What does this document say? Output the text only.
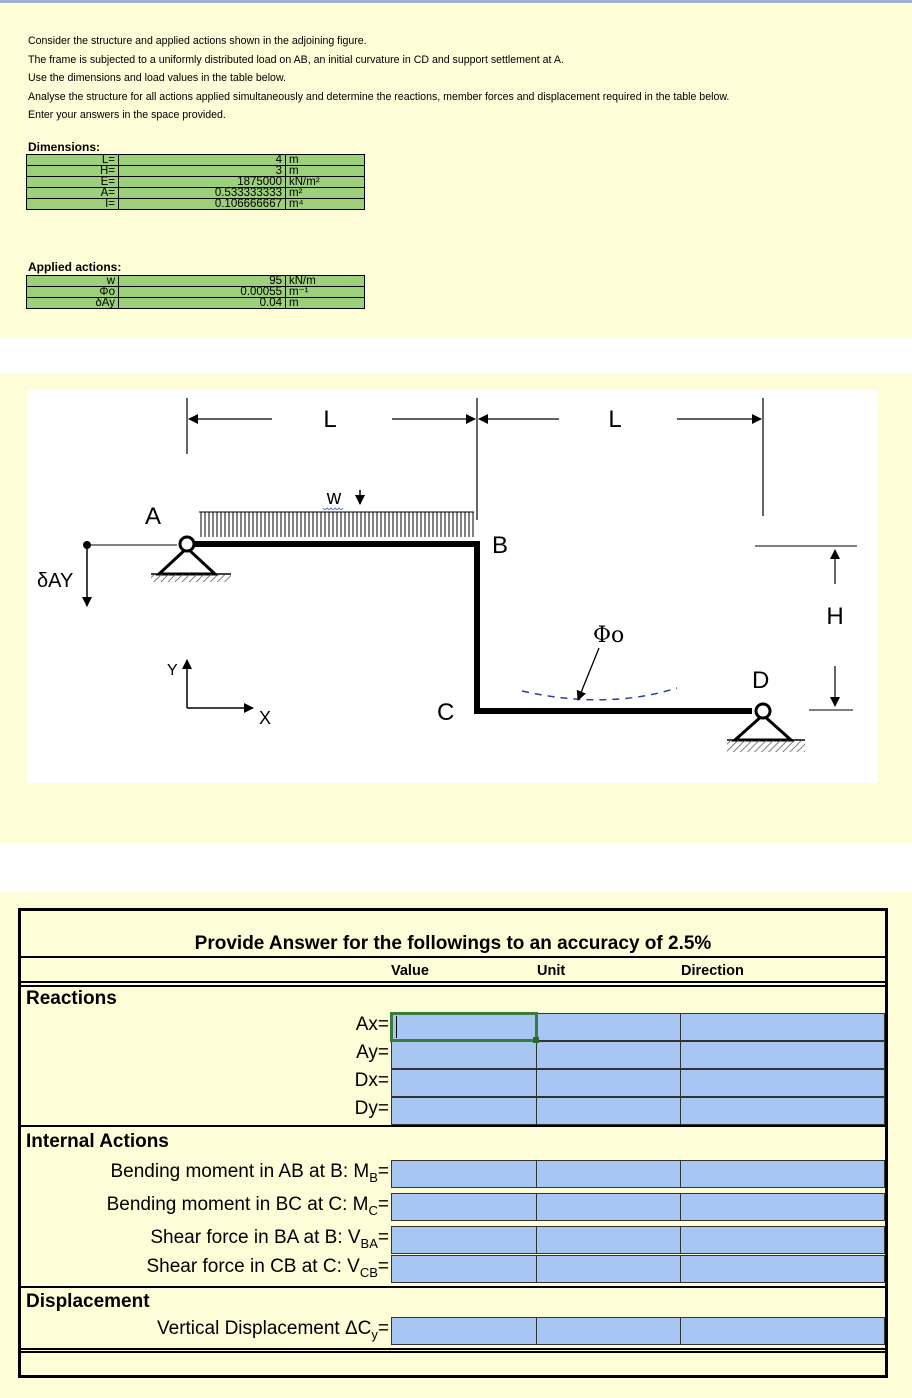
Consider the structure and applied actions shown in the adjoining figure.
The frame is subjected to a uniformly distributed load on AB, an initial curvature in CD and support settlement at A.
Use the dimensions and load values in the table below.
Analyse the structure for all actions applied simultaneously and determine the reactions, member forces and displacement required in the table below.
Enter your answers in the space provided.
Dimensions:
L=	4	m
H=	3	m
E=	1875000	kN/m²
A=	0.533333333	m²
I=	0.106666667	m⁴
Applied actions:
w	95	kN/m
Φo	0.00055	m⁻¹
δAy	0.04	m
L	L
w
A
B
C
D
δAY
H
Φo
Y
X
Provide Answer for the followings to an accuracy of 2.5%
Value	Unit	Direction
Reactions
Ax=
Ay=
Dx=
Dy=
Internal Actions
Bending moment in AB at B: $M_B=$
Bending moment in BC at C: $M_C=$
Shear force in BA at B: $V_{BA}=$
Shear force in CB at C: $V_{CB}=$
Displacement
Vertical Displacement $\Delta C_y=$
